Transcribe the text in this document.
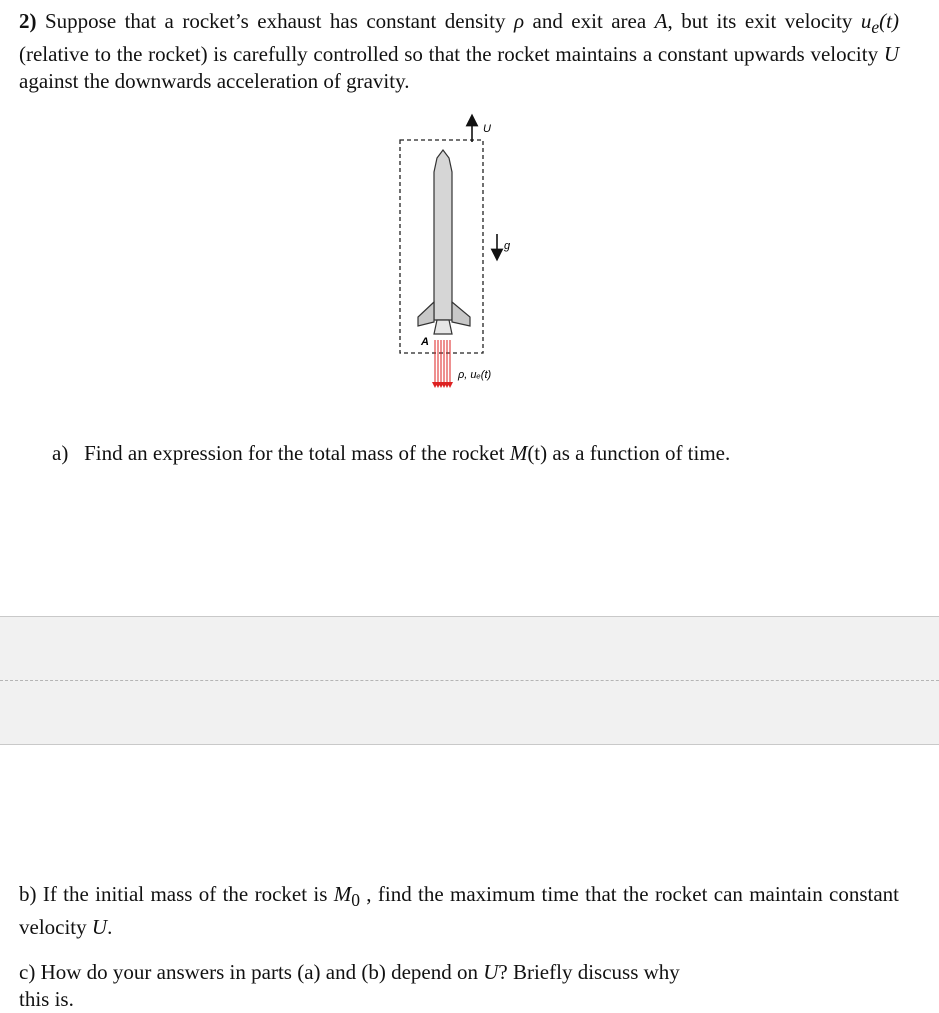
2) Suppose that a rocket’s exhaust has constant density ρ and exit area A, but its exit velocity $u_e(t)$ (relative to the rocket) is carefully controlled so that the rocket maintains a constant upwards velocity U against the downwards acceleration of gravity.
U
g
A
ρ, uₑ(t)
a) Find an expression for the total mass of the rocket M(t) as a function of time.
b) If the initial mass of the rocket is $M_0$ , find the maximum time that the rocket can maintain constant velocity U.
c) How do your answers in parts (a) and (b) depend on U? Briefly discuss why
this is.
